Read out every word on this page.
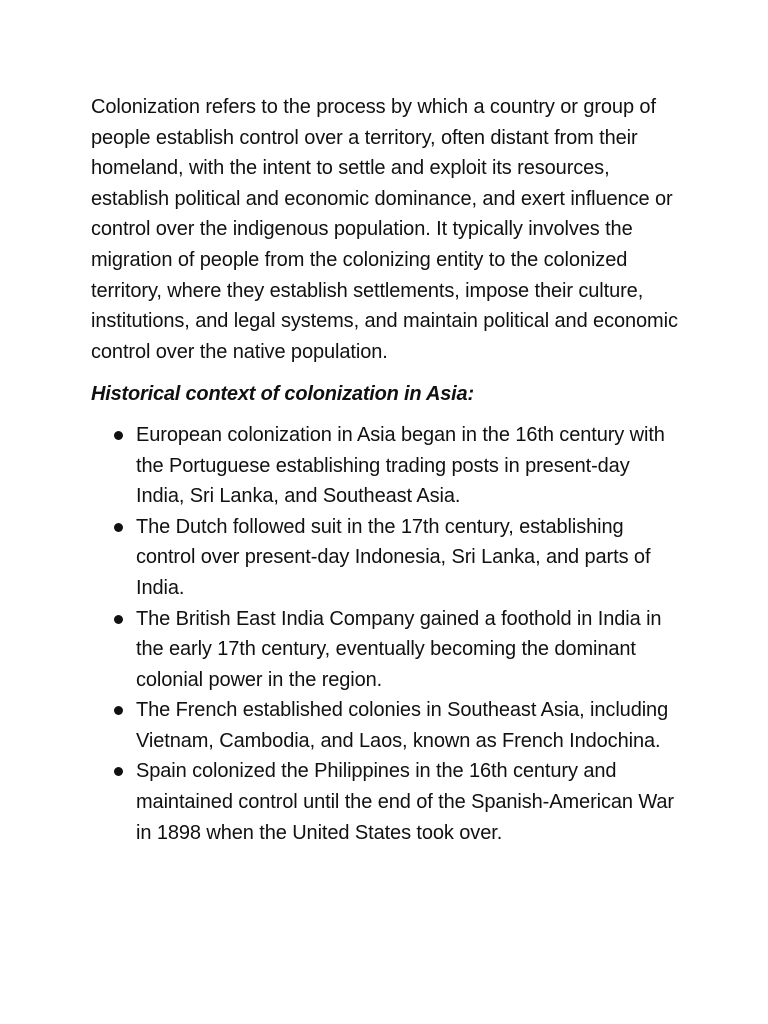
Colonization refers to the process by which a country or group of people establish control over a territory, often distant from their homeland, with the intent to settle and exploit its resources, establish political and economic dominance, and exert influence or control over the indigenous population. It typically involves the migration of people from the colonizing entity to the colonized territory, where they establish settlements, impose their culture, institutions, and legal systems, and maintain political and economic control over the native population.

Historical context of colonization in Asia:

European colonization in Asia began in the 16th century with the Portuguese establishing trading posts in present-day India, Sri Lanka, and Southeast Asia.
The Dutch followed suit in the 17th century, establishing control over present-day Indonesia, Sri Lanka, and parts of India.
The British East India Company gained a foothold in India in the early 17th century, eventually becoming the dominant colonial power in the region.
The French established colonies in Southeast Asia, including Vietnam, Cambodia, and Laos, known as French Indochina.
Spain colonized the Philippines in the 16th century and maintained control until the end of the Spanish-American War in 1898 when the United States took over.
